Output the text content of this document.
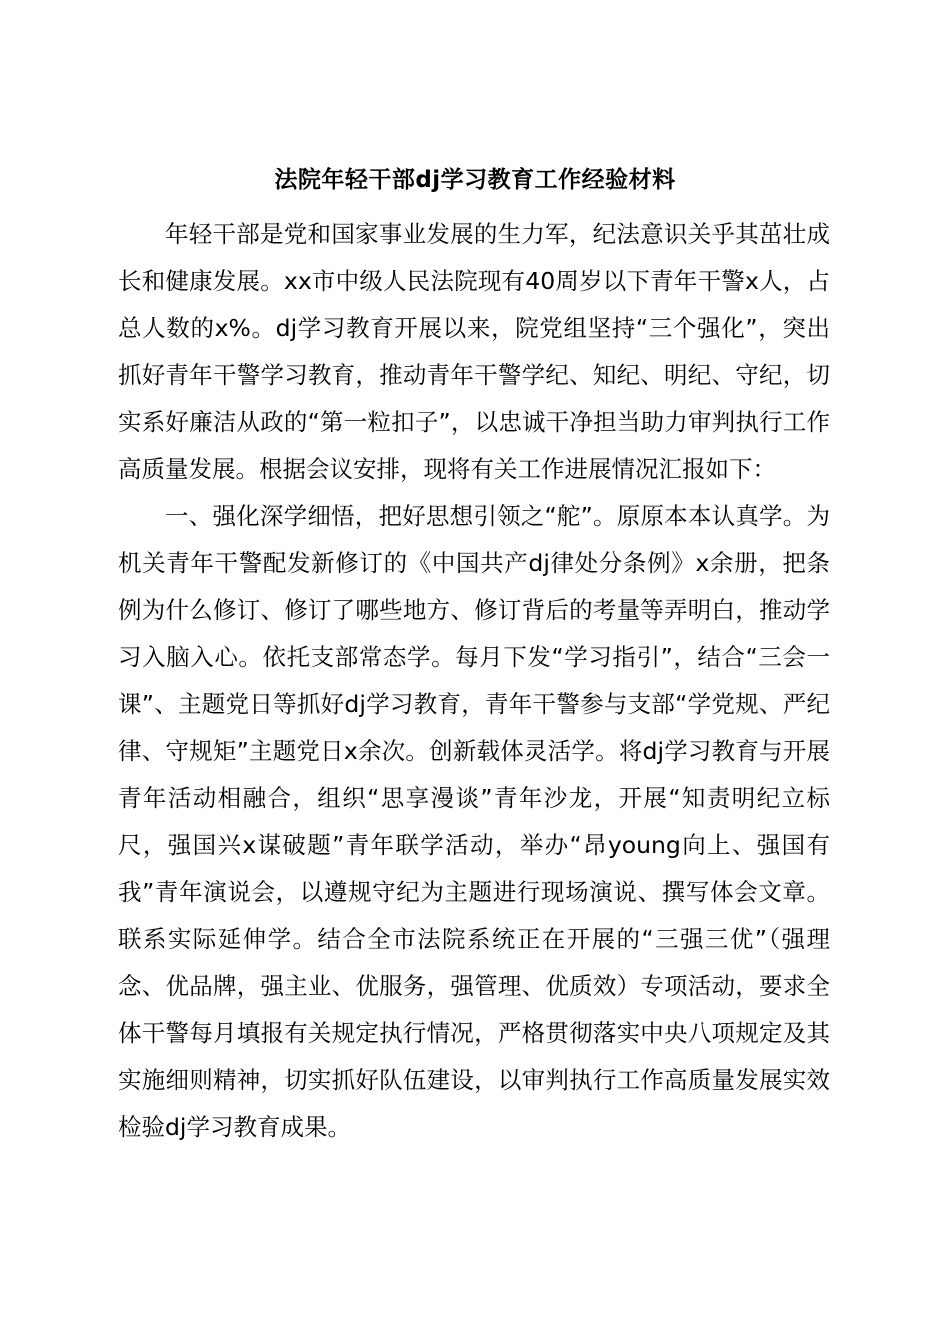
法院年轻干部dj学习教育工作经验材料

年轻干部是党和国家事业发展的生力军，纪法意识关乎其茁壮成长和健康发展。xx市中级人民法院现有40周岁以下青年干警x人，占总人数的x%。dj学习教育开展以来，院党组坚持“三个强化”，突出抓好青年干警学习教育，推动青年干警学纪、知纪、明纪、守纪，切实系好廉洁从政的“第一粒扣子”，以忠诚干净担当助力审判执行工作高质量发展。根据会议安排，现将有关工作进展情况汇报如下：

一、强化深学细悟，把好思想引领之“舵”。原原本本认真学。为机关青年干警配发新修订的《中国共产dj律处分条例》x余册，把条例为什么修订、修订了哪些地方、修订背后的考量等弄明白，推动学习入脑入心。依托支部常态学。每月下发“学习指引”，结合“三会一课”、主题党日等抓好dj学习教育，青年干警参与支部“学党规、严纪律、守规矩”主题党日x余次。创新载体灵活学。将dj学习教育与开展青年活动相融合，组织“思享漫谈”青年沙龙，开展“知责明纪立标尺，强国兴x谋破题”青年联学活动，举办“昂young向上、强国有我”青年演说会，以遵规守纪为主题进行现场演说、撰写体会文章。联系实际延伸学。结合全市法院系统正在开展的“三强三优”（强理念、优品牌，强主业、优服务，强管理、优质效）专项活动，要求全体干警每月填报有关规定执行情况，严格贯彻落实中央八项规定及其实施细则精神，切实抓好队伍建设，以审判执行工作高质量发展实效检验dj学习教育成果。
